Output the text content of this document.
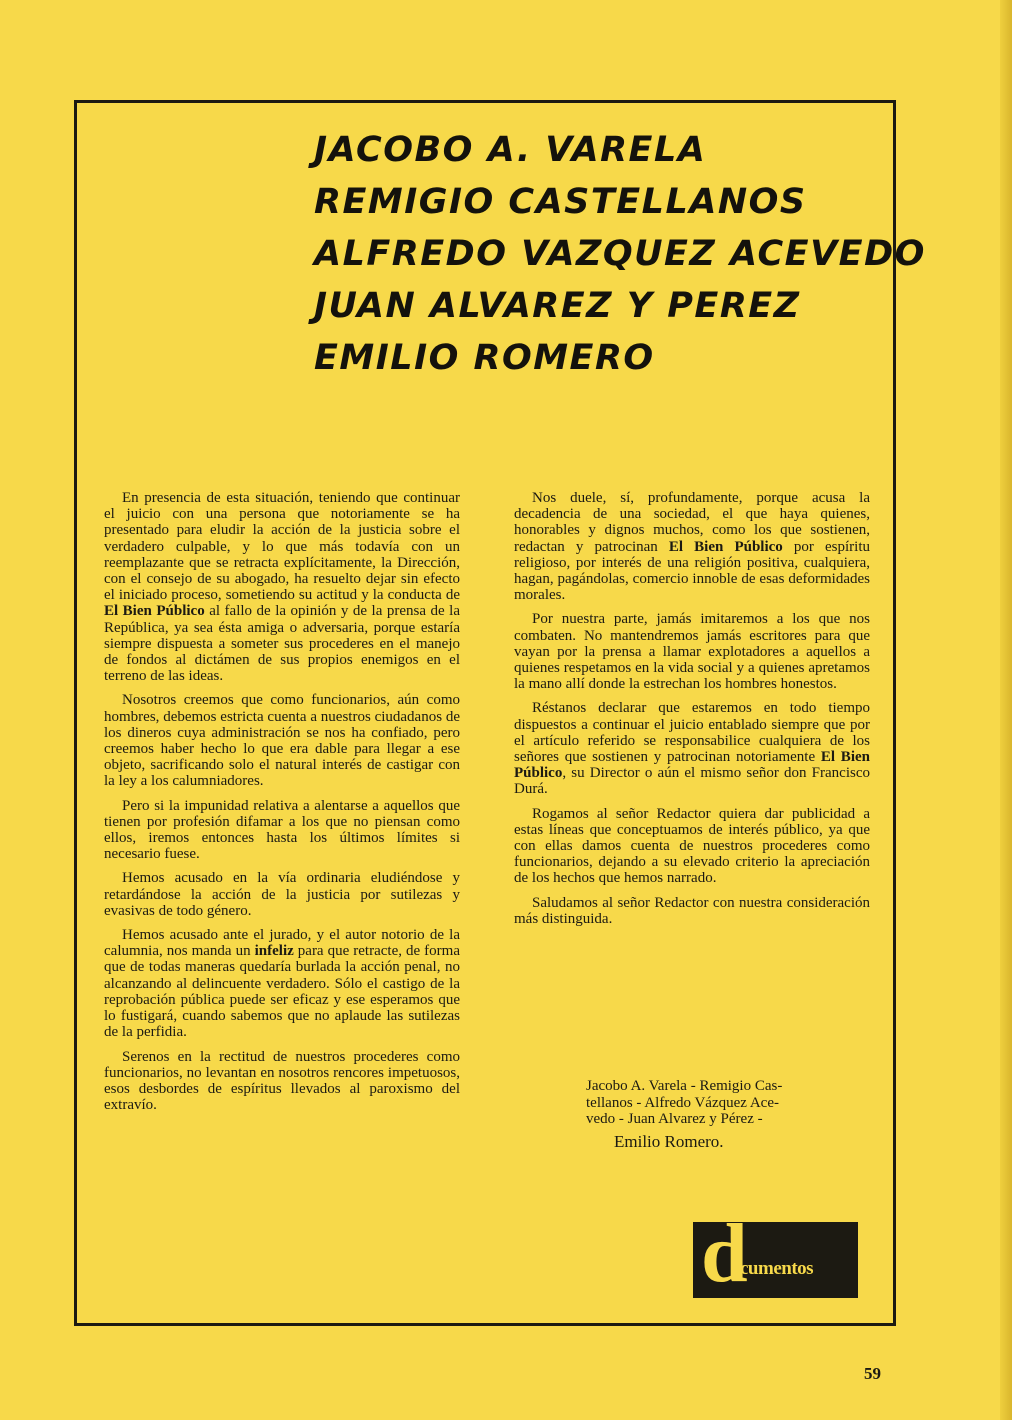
JACOBO A. VARELA
REMIGIO CASTELLANOS
ALFREDO VAZQUEZ ACEVEDO
JUAN ALVAREZ Y PEREZ
EMILIO ROMERO

En presencia de esta situación, teniendo que continuar el juicio con una persona que notoriamente se ha presentado para eludir la acción de la justicia sobre el verdadero culpable, y lo que más todavía con un reemplazante que se retracta explícitamente, la Dirección, con el consejo de su abogado, ha resuelto dejar sin efecto el iniciado proceso, sometiendo su actitud y la conducta de El Bien Público al fallo de la opinión y de la prensa de la República, ya sea ésta amiga o adversaria, porque estaría siempre dispuesta a someter sus procederes en el manejo de fondos al dictámen de sus propios enemigos en el terreno de las ideas.

Nosotros creemos que como funcionarios, aún como hombres, debemos estricta cuenta a nuestros ciudadanos de los dineros cuya administración se nos ha confiado, pero creemos haber hecho lo que era dable para llegar a ese objeto, sacrificando solo el natural interés de castigar con la ley a los calumniadores.

Pero si la impunidad relativa a alentarse a aquellos que tienen por profesión difamar a los que no piensan como ellos, iremos entonces hasta los últimos límites si necesario fuese.

Hemos acusado en la vía ordinaria eludiéndose y retardándose la acción de la justicia por sutilezas y evasivas de todo género.

Hemos acusado ante el jurado, y el autor notorio de la calumnia, nos manda un infeliz para que retracte, de forma que de todas maneras quedaría burlada la acción penal, no alcanzando al delincuente verdadero. Sólo el castigo de la reprobación pública puede ser eficaz y ese esperamos que lo fustigará, cuando sabemos que no aplaude las sutilezas de la perfidia.

Serenos en la rectitud de nuestros procederes como funcionarios, no levantan en nosotros rencores impetuosos, esos desbordes de espíritus llevados al paroxismo del extravío.

Nos duele, sí, profundamente, porque acusa la decadencia de una sociedad, el que haya quienes, honorables y dignos muchos, como los que sostienen, redactan y patrocinan El Bien Público por espíritu religioso, por interés de una religión positiva, cualquiera, hagan, pagándolas, comercio innoble de esas deformidades morales.

Por nuestra parte, jamás imitaremos a los que nos combaten. No mantendremos jamás escritores para que vayan por la prensa a llamar explotadores a aquellos a quienes respetamos en la vida social y a quienes apretamos la mano allí donde la estrechan los hombres honestos.

Réstanos declarar que estaremos en todo tiempo dispuestos a continuar el juicio entablado siempre que por el artículo referido se responsabilice cualquiera de los señores que sostienen y patrocinan notoriamente El Bien Público, su Director o aún el mismo señor don Francisco Durá.

Rogamos al señor Redactor quiera dar publicidad a estas líneas que conceptuamos de interés público, ya que con ellas damos cuenta de nuestros procederes como funcionarios, dejando a su elevado criterio la apreciación de los hechos que hemos narrado.

Saludamos al señor Redactor con nuestra consideración más distinguida.

Jacobo A. Varela - Remigio Cas-
tellanos - Alfredo Vázquez Ace-
vedo - Juan Alvarez y Pérez -
Emilio Romero.
d
ocumentos
59
